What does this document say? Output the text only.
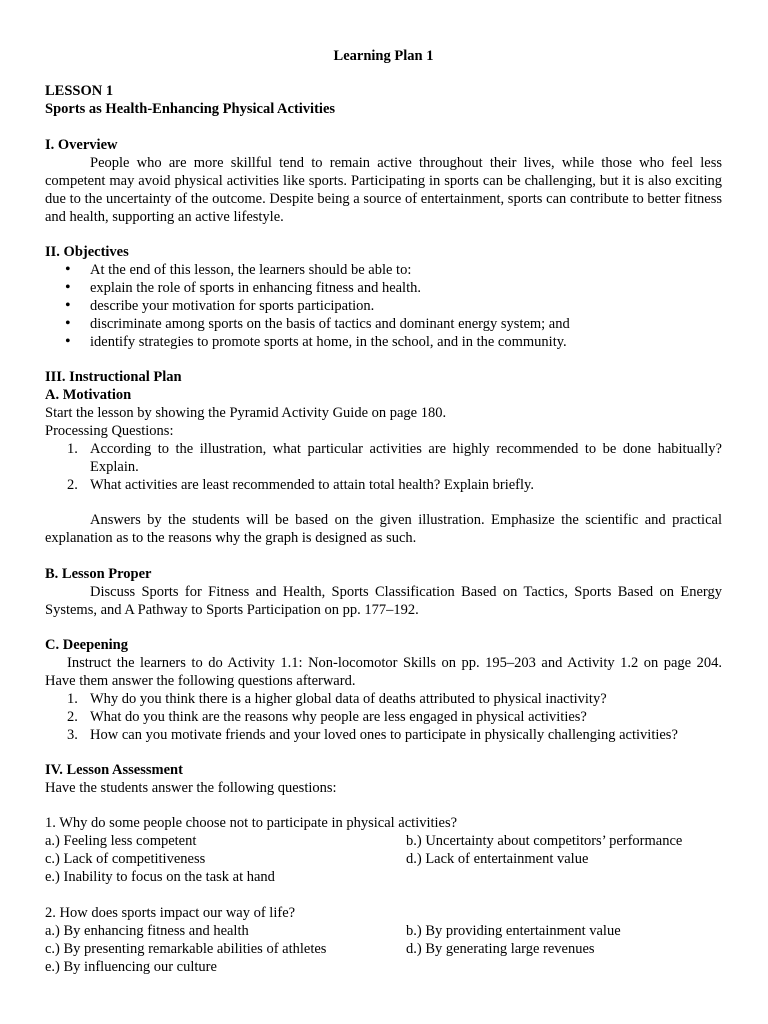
Learning Plan 1
LESSON 1
Sports as Health-Enhancing Physical Activities
I. Overview
People who are more skillful tend to remain active throughout their lives, while those who feel less competent may avoid physical activities like sports. Participating in sports can be challenging, but it is also exciting due to the uncertainty of the outcome. Despite being a source of entertainment, sports can contribute to better fitness and health, supporting an active lifestyle.
II. Objectives
• At the end of this lesson, the learners should be able to:
• explain the role of sports in enhancing fitness and health.
• describe your motivation for sports participation.
• discriminate among sports on the basis of tactics and dominant energy system; and
• identify strategies to promote sports at home, in the school, and in the community.
III. Instructional Plan
A. Motivation
Start the lesson by showing the Pyramid Activity Guide on page 180.
Processing Questions:
1. According to the illustration, what particular activities are highly recommended to be done habitually? Explain.
2. What activities are least recommended to attain total health? Explain briefly.
Answers by the students will be based on the given illustration. Emphasize the scientific and practical explanation as to the reasons why the graph is designed as such.
B. Lesson Proper
Discuss Sports for Fitness and Health, Sports Classification Based on Tactics, Sports Based on Energy Systems, and A Pathway to Sports Participation on pp. 177–192.
C. Deepening
Instruct the learners to do Activity 1.1: Non-locomotor Skills on pp. 195–203 and Activity 1.2 on page 204. Have them answer the following questions afterward.
1. Why do you think there is a higher global data of deaths attributed to physical inactivity?
2. What do you think are the reasons why people are less engaged in physical activities?
3. How can you motivate friends and your loved ones to participate in physically challenging activities?
IV. Lesson Assessment
Have the students answer the following questions:
1. Why do some people choose not to participate in physical activities?
a.) Feeling less competent	b.) Uncertainty about competitors’ performance
c.) Lack of competitiveness	d.) Lack of entertainment value
e.) Inability to focus on the task at hand
2. How does sports impact our way of life?
a.) By enhancing fitness and health	b.) By providing entertainment value
c.) By presenting remarkable abilities of athletes	d.) By generating large revenues
e.) By influencing our culture
